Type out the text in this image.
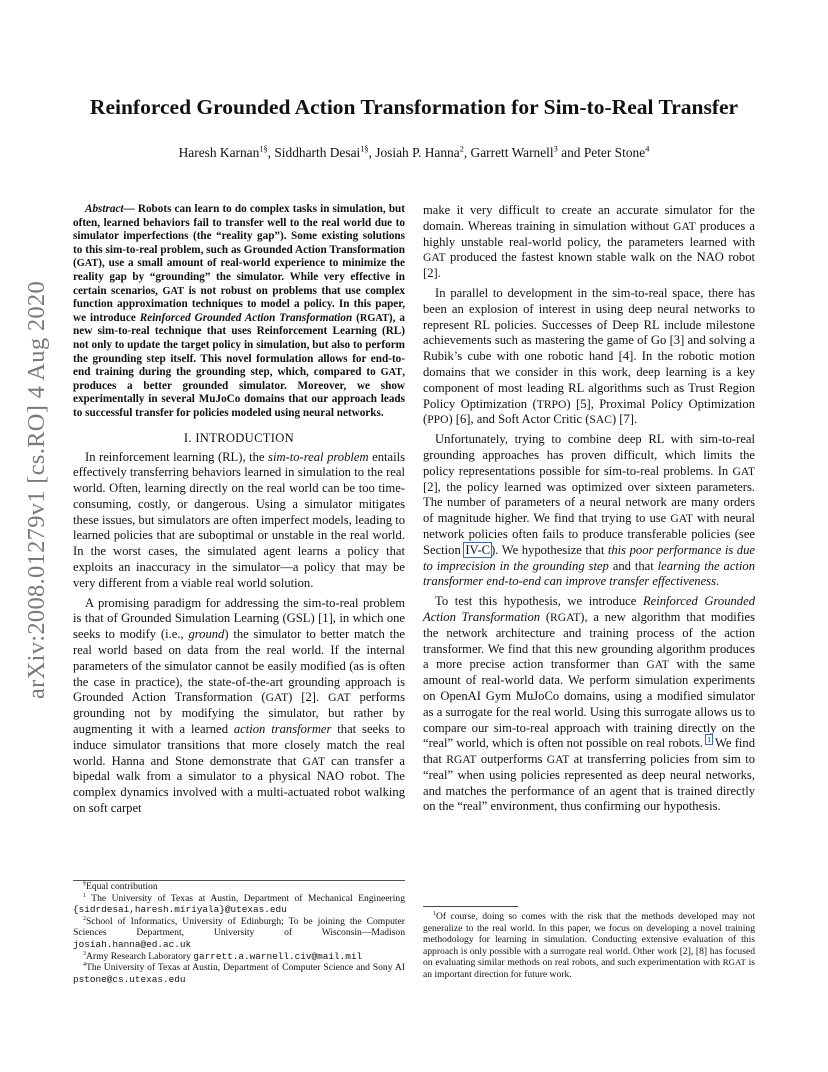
arXiv:2008.01279v1 [cs.RO] 4 Aug 2020
Reinforced Grounded Action Transformation for Sim-to-Real Transfer
Haresh Karnan$^{1\S}$, Siddharth Desai$^{1\S}$, Josiah P. Hanna$^2$, Garrett Warnell$^3$ and Peter Stone$^4$

Abstract— Robots can learn to do complex tasks in simulation, but often, learned behaviors fail to transfer well to the real world due to simulator imperfections (the “reality gap”). Some existing solutions to this sim-to-real problem, such as Grounded Action Transformation (GAT), use a small amount of real-world experience to minimize the reality gap by “grounding” the simulator. While very effective in certain scenarios, GAT is not robust on problems that use complex function approximation techniques to model a policy. In this paper, we introduce Reinforced Grounded Action Transformation (RGAT), a new sim-to-real technique that uses Reinforcement Learning (RL) not only to update the target policy in simulation, but also to perform the grounding step itself. This novel formulation allows for end-to-end training during the grounding step, which, compared to GAT, produces a better grounded simulator. Moreover, we show experimentally in several MuJoCo domains that our approach leads to successful transfer for policies modeled using neural networks.

I. INTRODUCTION

In reinforcement learning (RL), the sim-to-real problem entails effectively transferring behaviors learned in simulation to the real world. Often, learning directly on the real world can be too time-consuming, costly, or dangerous. Using a simulator mitigates these issues, but simulators are often imperfect models, leading to learned policies that are suboptimal or unstable in the real world. In the worst cases, the simulated agent learns a policy that exploits an inaccuracy in the simulator—a policy that may be very different from a viable real world solution.

A promising paradigm for addressing the sim-to-real problem is that of Grounded Simulation Learning (GSL) [1], in which one seeks to modify (i.e., ground) the simulator to better match the real world based on data from the real world. If the internal parameters of the simulator cannot be easily modified (as is often the case in practice), the state-of-the-art grounding approach is Grounded Action Transformation (GAT) [2]. GAT performs grounding not by modifying the simulator, but rather by augmenting it with a learned action transformer that seeks to induce simulator transitions that more closely match the real world. Hanna and Stone demonstrate that GAT can transfer a bipedal walk from a simulator to a physical NAO robot. The complex dynamics involved with a multi-actuated robot walking on soft carpet

make it very difficult to create an accurate simulator for the domain. Whereas training in simulation without GAT produces a highly unstable real-world policy, the parameters learned with GAT produced the fastest known stable walk on the NAO robot [2].

In parallel to development in the sim-to-real space, there has been an explosion of interest in using deep neural networks to represent RL policies. Successes of Deep RL include milestone achievements such as mastering the game of Go [3] and solving a Rubik’s cube with one robotic hand [4]. In the robotic motion domains that we consider in this work, deep learning is a key component of most leading RL algorithms such as Trust Region Policy Optimization (TRPO) [5], Proximal Policy Optimization (PPO) [6], and Soft Actor Critic (SAC) [7].

Unfortunately, trying to combine deep RL with sim-to-real grounding approaches has proven difficult, which limits the policy representations possible for sim-to-real problems. In GAT [2], the policy learned was optimized over sixteen parameters. The number of parameters of a neural network are many orders of magnitude higher. We find that trying to use GAT with neural network policies often fails to produce transferable policies (see Section IV-C). We hypothesize that this poor performance is due to imprecision in the grounding step and that learning the action transformer end-to-end can improve transfer effectiveness.

To test this hypothesis, we introduce Reinforced Grounded Action Transformation (RGAT), a new algorithm that modifies the network architecture and training process of the action transformer. We find that this new grounding algorithm produces a more precise action transformer than GAT with the same amount of real-world data. We perform simulation experiments on OpenAI Gym MuJoCo domains, using a modified simulator as a surrogate for the real world. Using this surrogate allows us to compare our sim-to-real approach with training directly on the “real” world, which is often not possible on real robots. $^1$ We find that RGAT outperforms GAT at transferring policies from sim to “real” when using policies represented as deep neural networks, and matches the performance of an agent that is trained directly on the “real” environment, thus confirming our hypothesis.

§Equal contribution

$^1$ The University of Texas at Austin, Department of Mechanical Engineering {sidrdesai,haresh.miriyala}@utexas.edu

$^2$School of Informatics, University of Edinburgh; To be joining the Computer Sciences Department, University of Wisconsin—Madison josiah.hanna@ed.ac.uk

$^3$Army Research Laboratory garrett.a.warnell.civ@mail.mil

$^4$The University of Texas at Austin, Department of Computer Science and Sony AI pstone@cs.utexas.edu

$^1$Of course, doing so comes with the risk that the methods developed may not generalize to the real world. In this paper, we focus on developing a novel training methodology for learning in simulation. Conducting extensive evaluation of this approach is only possible with a surrogate real world. Other work [2], [8] has focused on evaluating similar methods on real robots, and such experimentation with RGAT is an important direction for future work.
